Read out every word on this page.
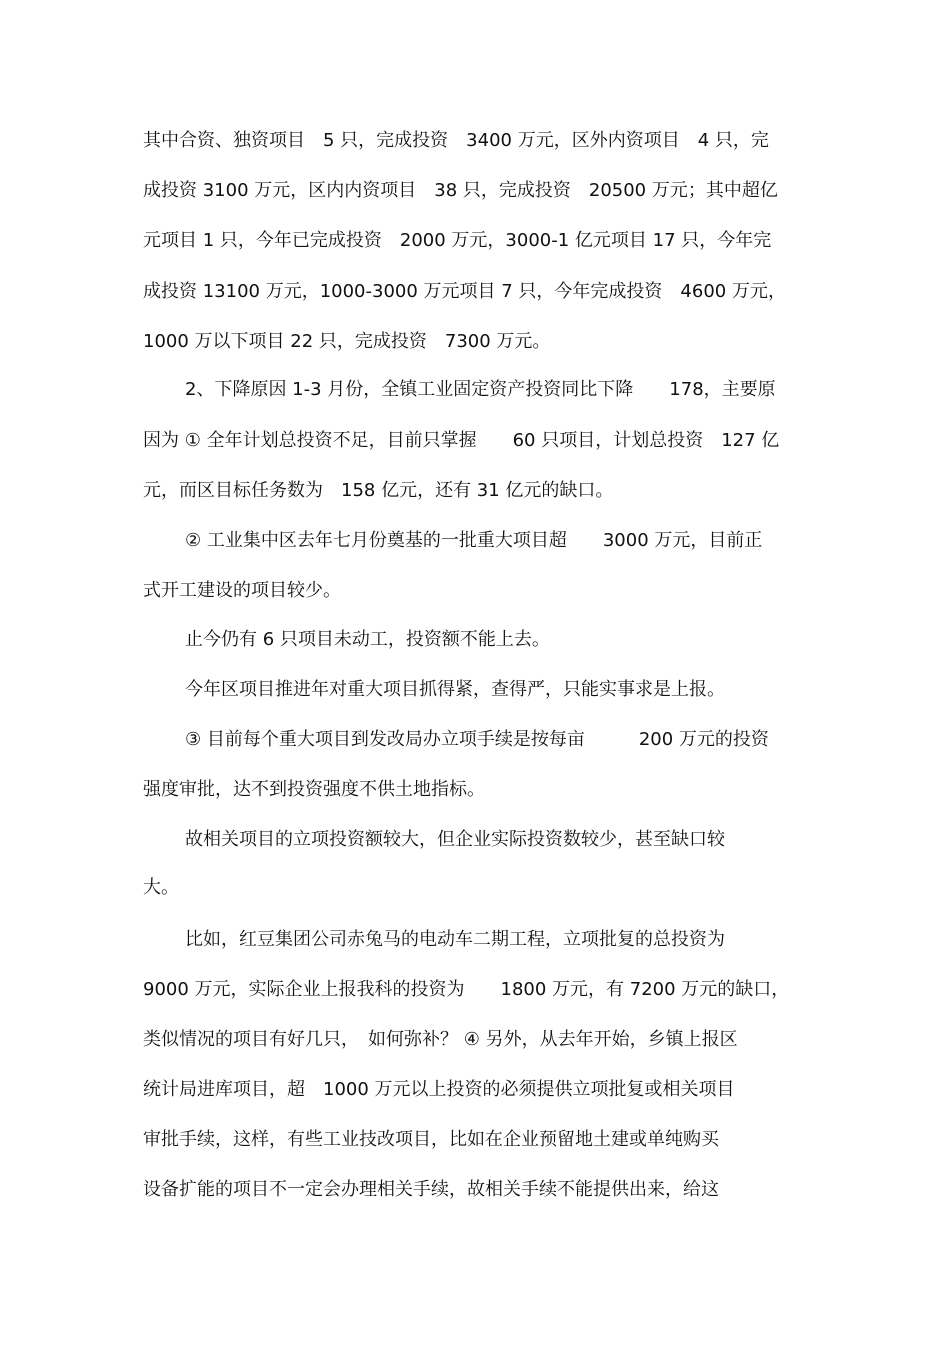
其中合资、独资项目　5 只，完成投资　3400 万元，区外内资项目　4 只，完
成投资 3100 万元，区内内资项目　38 只，完成投资　20500 万元；其中超亿
元项目 1 只，今年已完成投资　2000 万元，3000-1 亿元项目 17 只，今年完
成投资 13100 万元，1000-3000 万元项目 7 只，今年完成投资　4600 万元，
1000 万以下项目 22 只，完成投资　7300 万元。
2、下降原因 1-3 月份，全镇工业固定资产投资同比下降　　178，主要原
因为 ① 全年计划总投资不足，目前只掌握　　60 只项目，计划总投资　127 亿
元，而区目标任务数为　158 亿元，还有 31 亿元的缺口。
② 工业集中区去年七月份奠基的一批重大项目超　　3000 万元，目前正
式开工建设的项目较少。
止今仍有 6 只项目未动工，投资额不能上去。
今年区项目推进年对重大项目抓得紧，查得严，只能实事求是上报。
③ 目前每个重大项目到发改局办立项手续是按每亩　　　200 万元的投资
强度审批，达不到投资强度不供土地指标。
故相关项目的立项投资额较大，但企业实际投资数较少，甚至缺口较
大。
比如，红豆集团公司赤兔马的电动车二期工程，立项批复的总投资为
9000 万元，实际企业上报我科的投资为　　1800 万元，有 7200 万元的缺口，
类似情况的项目有好几只，　如何弥补？ ④ 另外，从去年开始，乡镇上报区
统计局进库项目，超　1000 万元以上投资的必须提供立项批复或相关项目
审批手续，这样，有些工业技改项目，比如在企业预留地土建或单纯购买
设备扩能的项目不一定会办理相关手续，故相关手续不能提供出来，给这
